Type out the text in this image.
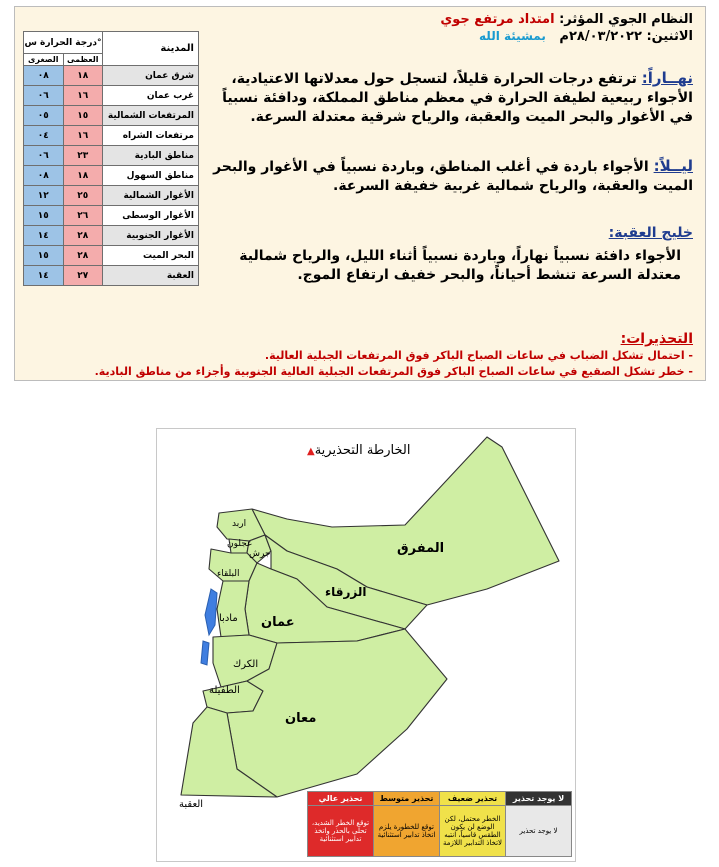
درجة الحرارة س°		المدينة
الصغرى	العظمى	
٠٨	١٨	شرق عمان
٠٦	١٦	غرب عمان
٠٥	١٥	المرتفعات الشمالية
٠٤	١٦	مرتفعات الشراه
٠٦	٢٣	مناطق البادية
٠٨	١٨	مناطق السهول
١٢	٢٥	الأغوار الشمالية
١٥	٢٦	الأغوار الوسطى
١٤	٢٨	الأغوار الجنوبية
١٥	٢٨	البحر الميت
١٤	٢٧	العقبة
النظام الجوي المؤثر: امتداد مرتفع جوي
الاثنين: ٢٨/٠٣/٢٠٢٢م   بمشيئة الله
نهــاراً: ترتفع درجات الحرارة قليلاً، لتسجل حول معدلاتها الاعتيادية، الأجواء ربيعية لطيفة الحرارة في معظم مناطق المملكة، ودافئة نسبياً في الأغوار والبحر الميت والعقبة، والرياح شرقية معتدلة السرعة.
ليــلاً: الأجواء باردة في أغلب المناطق، وباردة نسبياً في الأغوار والبحر الميت والعقبة، والرياح شمالية غربية خفيفة السرعة.
خليج العقبة:
الأجواء دافئة نسبياً نهاراً، وباردة نسبياً أثناء الليل، والرياح شمالية معتدلة السرعة تنشط أحياناً، والبحر خفيف ارتفاع الموج.
التحذيرات:
- احتمال تشكل الضباب في ساعات الصباح الباكر فوق المرتفعات الجبلية العالية.
- خطر تشكل الصقيع في ساعات الصباح الباكر فوق المرتفعات الجبلية العالية الجنوبية وأجزاء من مناطق البادية.
الخارطة التحذيرية▲
اربد
عجلون
جرش
البلقاء
مادبا عمان
الزرقاء
المفرق
الكرك
الطفيلة
معان
العقبة
تحذير عالي	تحذير متوسط	تحذير ضعيف	لا يوجد تحذير
توقع الخطر الشديد، تحلى بالحذر واتخذ تدابير استثنائية	توقع للخطورة يلزم اتخاذ تدابير استثنائية	الخطر محتمل، لكن الوضع لن يكون الطقس قاسياً، انتبه لاتخاذ التدابير اللازمة	لا يوجد تحذير
